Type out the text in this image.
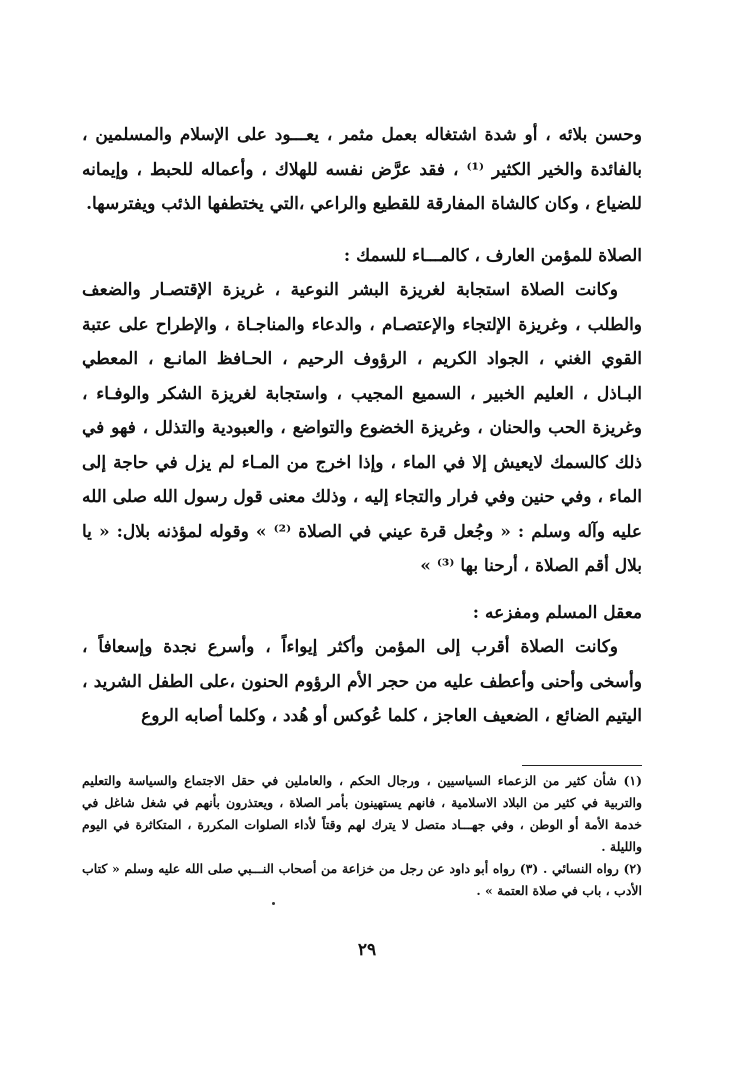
وحسن بلائه ، أو شدة اشتغاله بعمل مثمر ، يعـــود على الإسلام والمسلمين ، بالفائدة والخير الكثير ⁽¹⁾ ، فقد عرَّض نفسه للهلاك ، وأعماله للحبط ، وإيمانه للضياع ، وكان كالشاة المفارقة للقطيع والراعي ،التي يختطفها الذئب ويفترسها.

الصلاة للمؤمن العارف ، كالمـــاء للسمك :

وكانت الصلاة استجابة لغريزة البشر النوعية ، غريزة الإقتصـار والضعف والطلب ، وغريزة الإلتجاء والإعتصـام ، والدعاء والمناجـاة ، والإطراح على عتبة القوي الغني ، الجواد الكريم ، الرؤوف الرحيم ، الحـافظ المانـع ، المعطي البـاذل ، العليم الخبير ، السميع المجيب ، واستجابة لغريزة الشكر والوفـاء ، وغريزة الحب والحنان ، وغريزة الخضوع والتواضع ، والعبودية والتذلل ، فهو في ذلك كالسمك لايعيش إلا في الماء ، وإذا اخرج من المـاء لم يزل في حاجة إلى الماء ، وفي حنين وفي فرار والتجاء إليه ، وذلك معنى قول رسول الله صلى الله عليه وآله وسلم : « وجُعل قرة عيني في الصلاة ⁽²⁾ » وقوله لمؤذنه بلال: « يا بلال أقم الصلاة ، أرحنا بها ⁽³⁾ »

معقل المسلم ومفزعه :

وكانت الصلاة أقرب إلى المؤمن وأكثر إيواءاً ، وأسرع نجدة وإسعافاً ، وأسخى وأحنى وأعطف عليه من حجر الأم الرؤوم الحنون ،على الطفل الشريد ، اليتيم الضائع ، الضعيف العاجز ، كلما عُوكس أو هُدد ، وكلما أصابه الروع

(١) شأن كثير من الزعماء السياسيين ، ورجال الحكم ، والعاملين في حقل الاجتماع والسياسة والتعليم والتربية في كثير من البلاد الاسلامية ، فانهم يستهينون بأمر الصلاة ، ويعتذرون بأنهم في شغل شاغل في خدمة الأمة أو الوطن ، وفي جهـــاد متصل لا يترك لهم وقتاً لأداء الصلوات المكررة ، المتكاثرة في اليوم والليلة .

(٢) رواه النسائي . (٣) رواه أبو داود عن رجل من خزاعة من أصحاب النـــبي صلى الله عليه وسلم « كتاب الأدب ، باب في صلاة العتمة » .

٢٩
